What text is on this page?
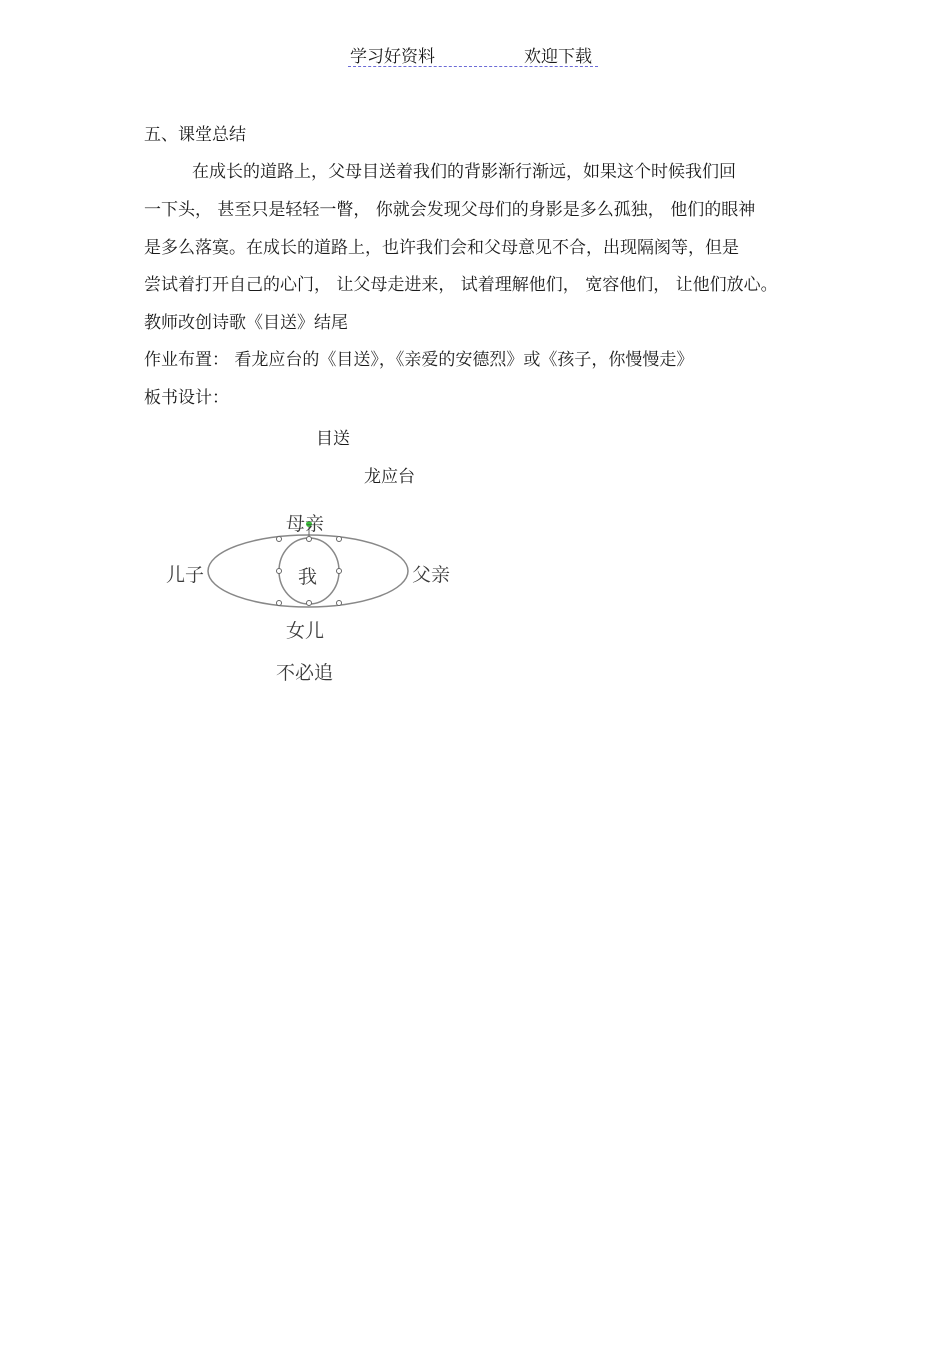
学习好资料	欢迎下载
五、课堂总结
在成长的道路上，父母目送着我们的背影渐行渐远，如果这个时候我们回
一下头， 甚至只是轻轻一瞥， 你就会发现父母们的身影是多么孤独， 他们的眼神
是多么落寞。在成长的道路上，也许我们会和父母意见不合，出现隔阂等，但是
尝试着打开自己的心门， 让父母走进来， 试着理解他们， 宽容他们， 让他们放心。
教师改创诗歌《目送》结尾
作业布置： 看龙应台的《目送》，《亲爱的安德烈》或《孩子，你慢慢走》
板书设计：
目送
龙应台
母亲
儿子	我	父亲
女儿
不必追
